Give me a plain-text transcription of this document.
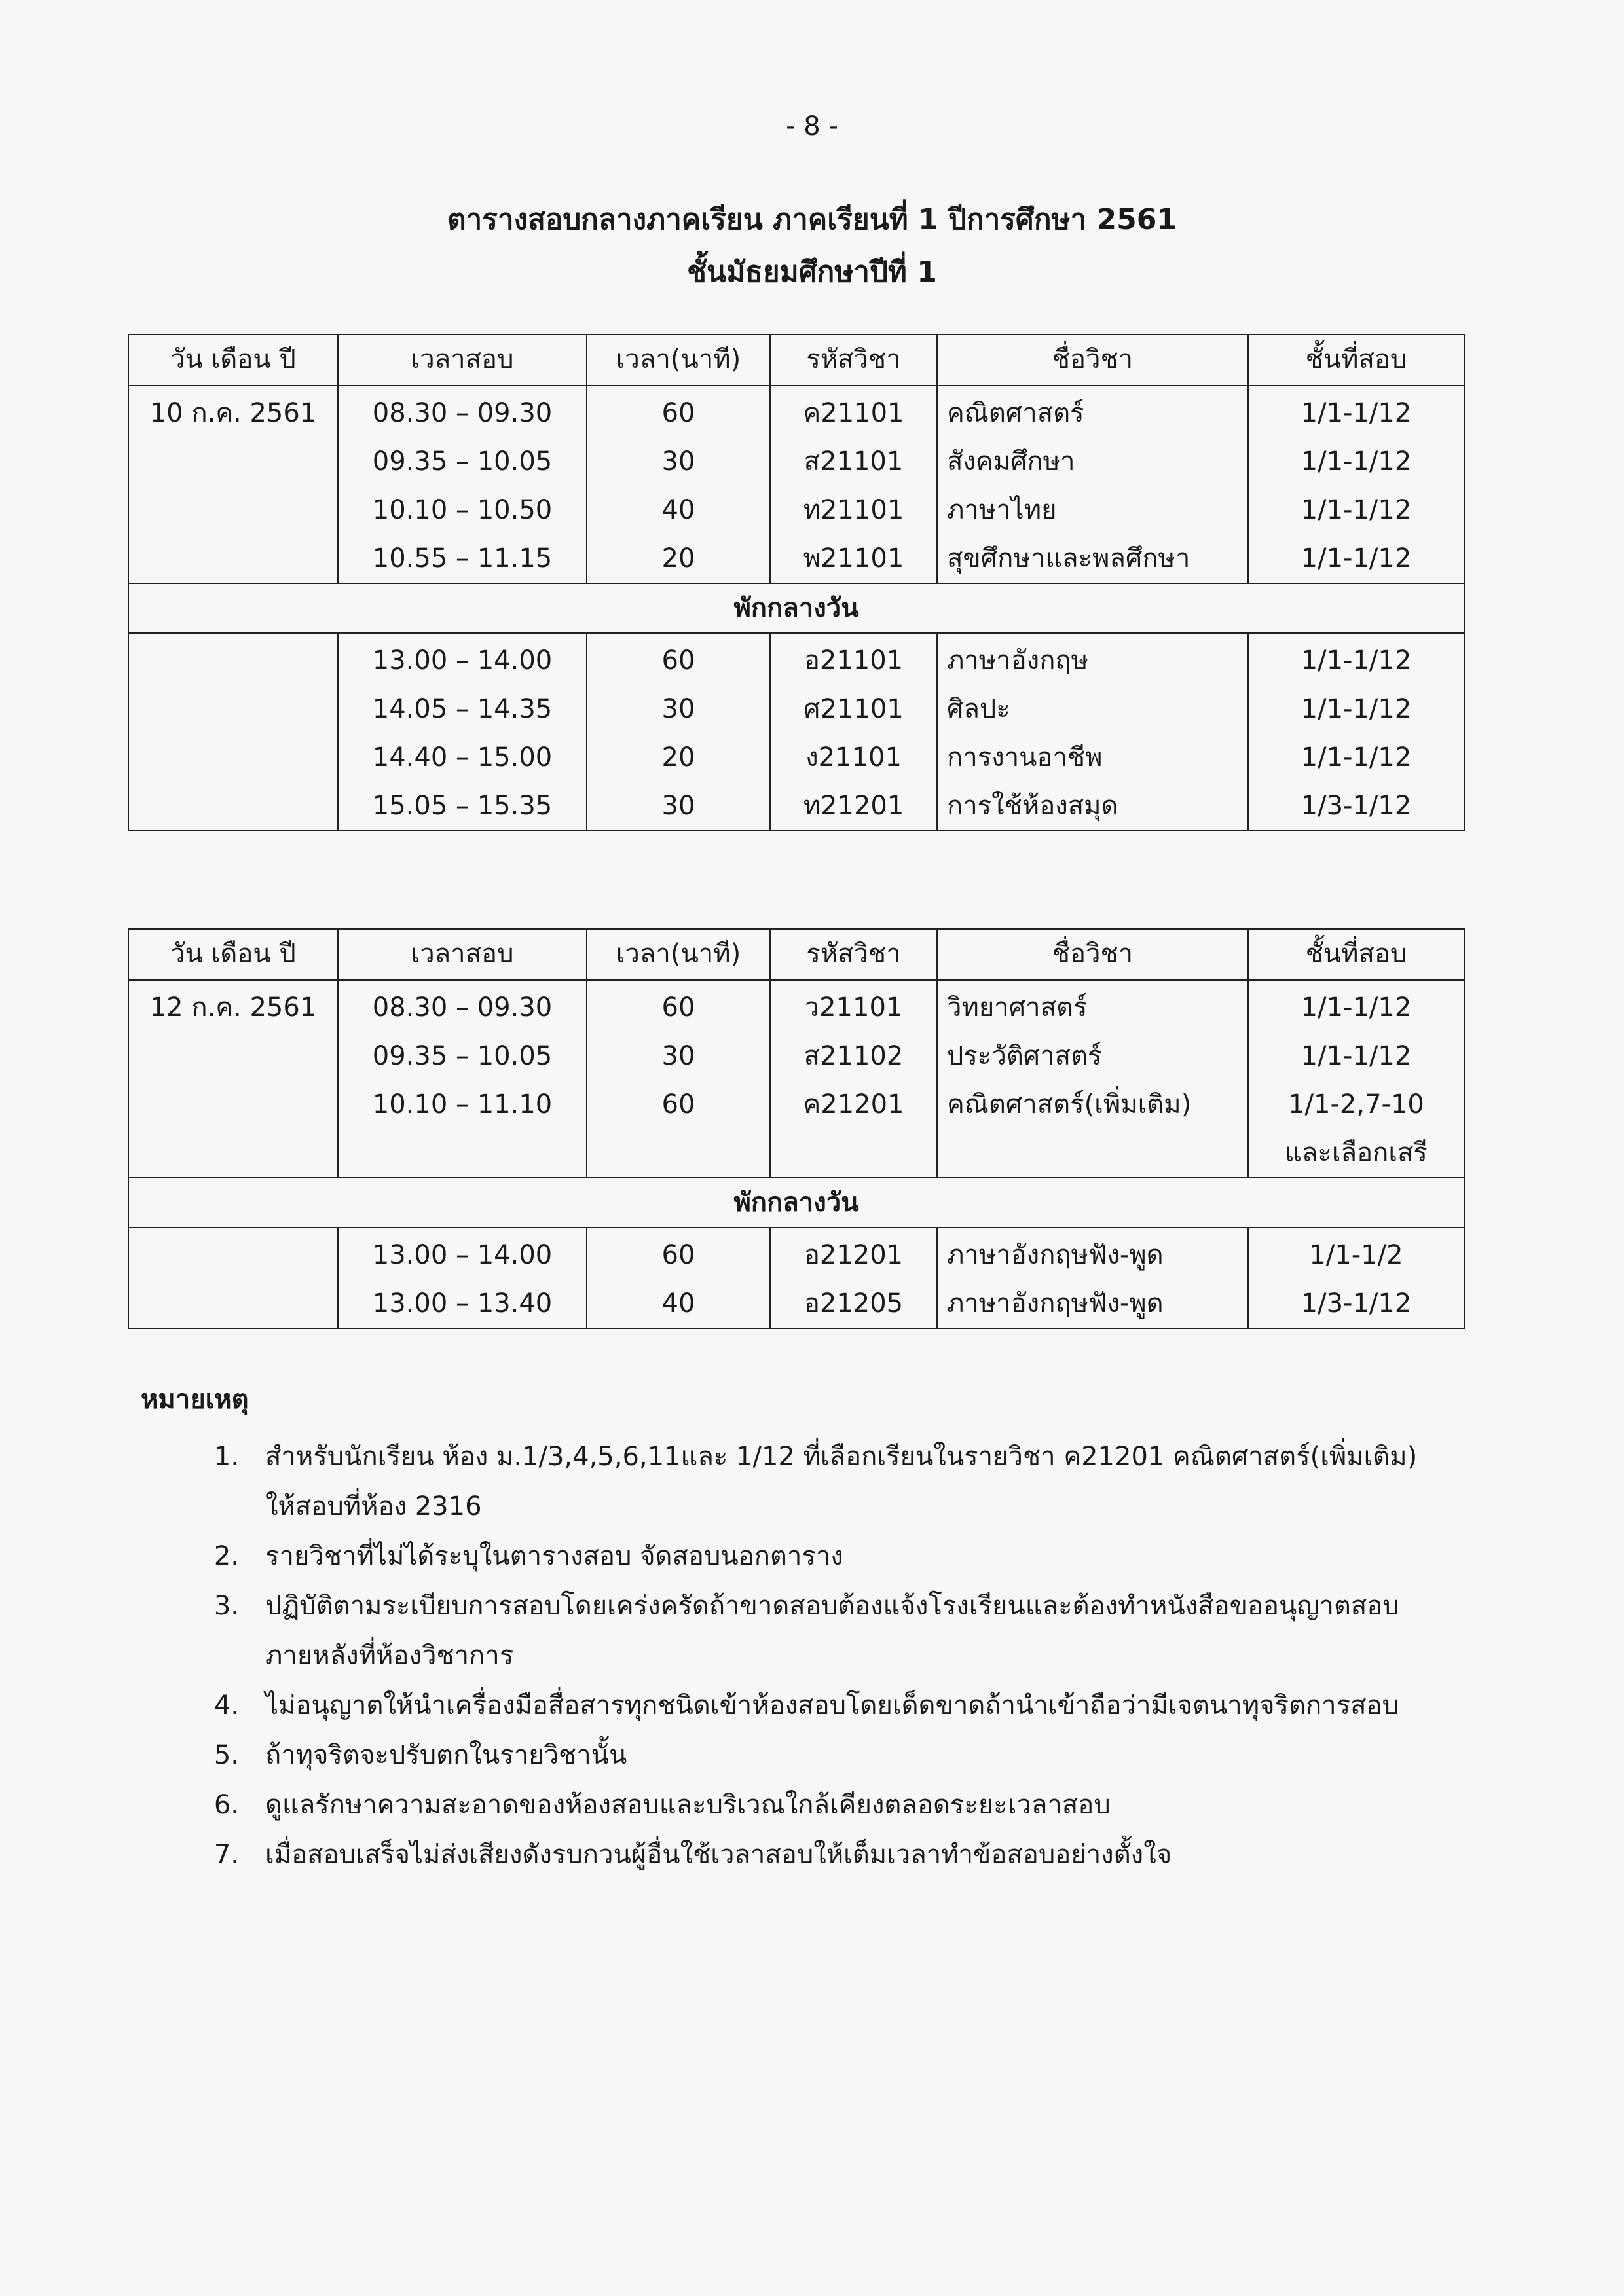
- 8 -
ตารางสอบกลางภาคเรียน ภาคเรียนที่ 1 ปีการศึกษา 2561
ชั้นมัธยมศึกษาปีที่ 1
วัน เดือน ปี	เวลาสอบ	เวลา(นาที)	รหัสวิชา	ชื่อวิชา	ชั้นที่สอบ
10 ก.ค. 2561	08.30 – 09.30	60	ค21101	คณิตศาสตร์	1/1-1/12
	09.35 – 10.05	30	ส21101	สังคมศึกษา	1/1-1/12
	10.10 – 10.50	40	ท21101	ภาษาไทย	1/1-1/12
	10.55 – 11.15	20	พ21101	สุขศึกษาและพลศึกษา	1/1-1/12
พักกลางวัน					
	13.00 – 14.00	60	อ21101	ภาษาอังกฤษ	1/1-1/12
	14.05 – 14.35	30	ศ21101	ศิลปะ	1/1-1/12
	14.40 – 15.00	20	ง21101	การงานอาชีพ	1/1-1/12
	15.05 – 15.35	30	ท21201	การใช้ห้องสมุด	1/3-1/12
วัน เดือน ปี	เวลาสอบ	เวลา(นาที)	รหัสวิชา	ชื่อวิชา	ชั้นที่สอบ
12 ก.ค. 2561	08.30 – 09.30	60	ว21101	วิทยาศาสตร์	1/1-1/12
	09.35 – 10.05	30	ส21102	ประวัติศาสตร์	1/1-1/12
	10.10 – 11.10	60	ค21201	คณิตศาสตร์(เพิ่มเติม)	1/1-2,7-10
					และเลือกเสรี
พักกลางวัน					
	13.00 – 14.00	60	อ21201	ภาษาอังกฤษฟัง-พูด	1/1-1/2
	13.00 – 13.40	40	อ21205	ภาษาอังกฤษฟัง-พูด	1/3-1/12
หมายเหตุ
1.	สำหรับนักเรียน ห้อง ม.1/3,4,5,6,11และ 1/12 ที่เลือกเรียนในรายวิชา ค21201 คณิตศาสตร์(เพิ่มเติม)
ให้สอบที่ห้อง 2316
2.	รายวิชาที่ไม่ได้ระบุในตารางสอบ จัดสอบนอกตาราง
3.	ปฏิบัติตามระเบียบการสอบโดยเคร่งครัดถ้าขาดสอบต้องแจ้งโรงเรียนและต้องทำหนังสือขออนุญาตสอบ
ภายหลังที่ห้องวิชาการ
4.	ไม่อนุญาตให้นำเครื่องมือสื่อสารทุกชนิดเข้าห้องสอบโดยเด็ดขาดถ้านำเข้าถือว่ามีเจตนาทุจริตการสอบ
5.	ถ้าทุจริตจะปรับตกในรายวิชานั้น
6.	ดูแลรักษาความสะอาดของห้องสอบและบริเวณใกล้เคียงตลอดระยะเวลาสอบ
7.	เมื่อสอบเสร็จไม่ส่งเสียงดังรบกวนผู้อื่นใช้เวลาสอบให้เต็มเวลาทำข้อสอบอย่างตั้งใจ
